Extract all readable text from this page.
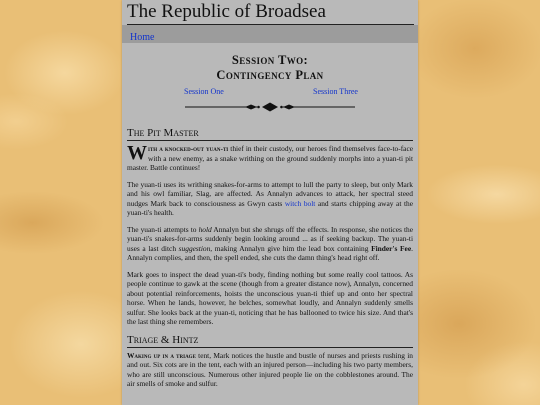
The Republic of Broadsea
Home
Session Two:
Contingency Plan
Session One	Session Three
The Pit Master

With a knocked-out yuan-ti thief in their custody, our heroes find themselves face-to-face with a new enemy, as a snake writhing on the ground suddenly morphs into a yuan-ti pit master. Battle continues!

The yuan-ti uses its writhing snakes-for-arms to attempt to lull the party to sleep, but only Mark and his owl familiar, Slag, are affected. As Annalyn advances to attack, her spectral steed nudges Mark back to consciousness as Gwyn casts witch bolt and starts chipping away at the yuan-ti's health.

The yuan-ti attempts to hold Annalyn but she shrugs off the effects. In response, she notices the yuan-ti's snakes-for-arms suddenly begin looking around ... as if seeking backup. The yuan-ti uses a last ditch suggestion, making Annalyn give him the lead box containing Finder's Fee. Annalyn complies, and then, the spell ended, she cuts the damn thing's head right off.

Mark goes to inspect the dead yuan-ti's body, finding nothing but some really cool tattoos. As people continue to gawk at the scene (though from a greater distance now), Annalyn, concerned about potential reinforcements, hoists the unconscious yuan-ti thief up and onto her spectral horse. When he lands, however, he belches, somewhat loudly, and Annalyn suddenly smells sulfur. She looks back at the yuan-ti, noticing that he has ballooned to twice his size. And that's the last thing she remembers.

Triage & Hintz

Waking up in a triage tent, Mark notices the hustle and bustle of nurses and priests rushing in and out. Six cots are in the tent, each with an injured person—including his two party members, who are still unconscious. Numerous other injured people lie on the cobblestones around. The air smells of smoke and sulfur.
